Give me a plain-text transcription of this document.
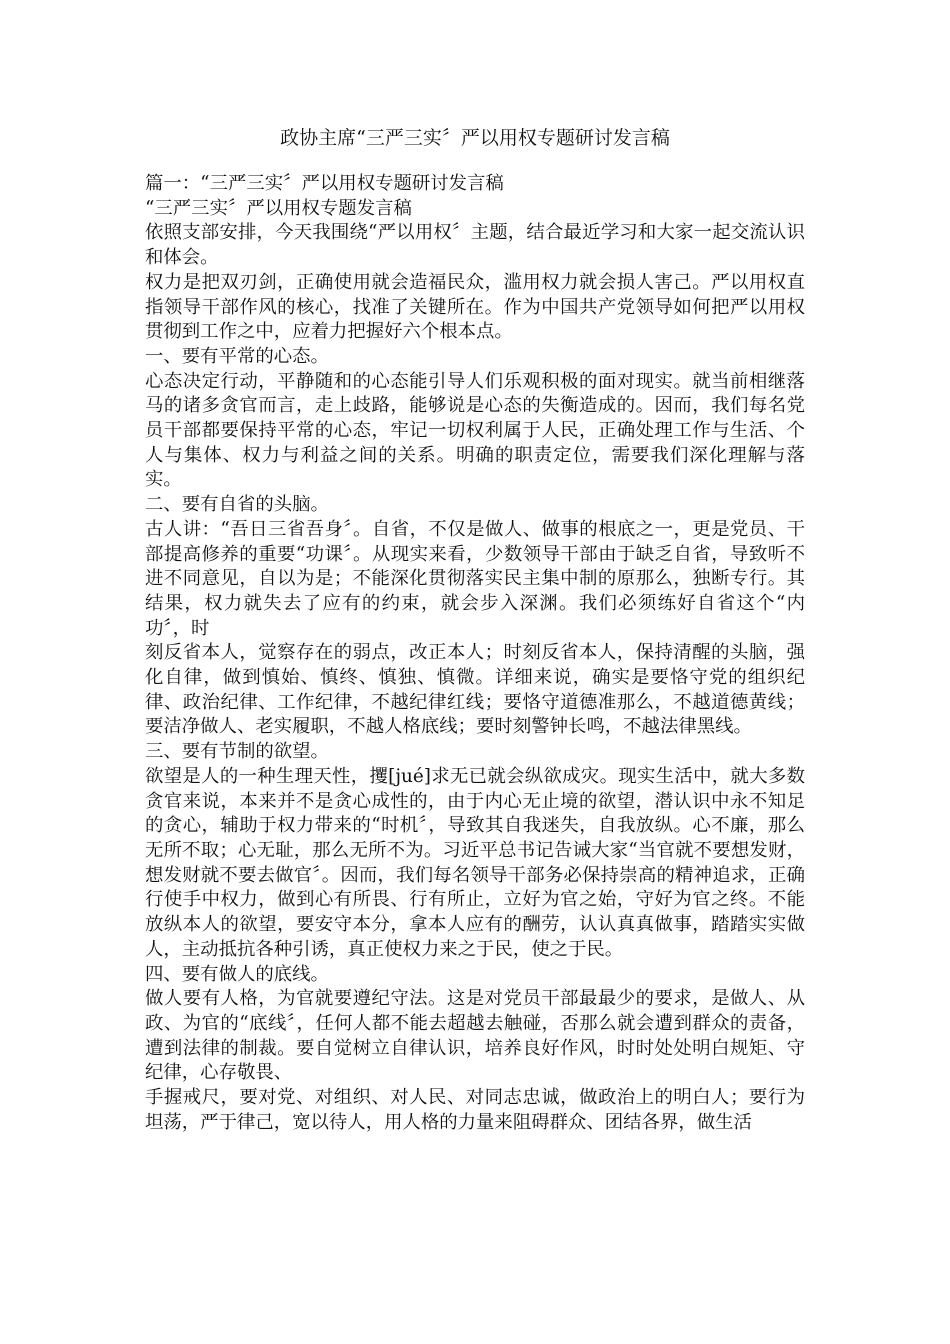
政协主席“三严三实〞严以用权专题研讨发言稿

篇一：“三严三实〞严以用权专题研讨发言稿

“三严三实〞严以用权专题发言稿

依照支部安排，今天我围绕“严以用权〞主题，结合最近学习和大家一起交流认识和体会。

权力是把双刃剑，正确使用就会造福民众，滥用权力就会损人害己。严以用权直指领导干部作风的核心，找准了关键所在。作为中国共产党领导如何把严以用权贯彻到工作之中，应着力把握好六个根本点。

一、要有平常的心态。

心态决定行动，平静随和的心态能引导人们乐观积极的面对现实。就当前相继落马的诸多贪官而言，走上歧路，能够说是心态的失衡造成的。因而，我们每名党员干部都要保持平常的心态，牢记一切权利属于人民，正确处理工作与生活、个人与集体、权力与利益之间的关系。明确的职责定位，需要我们深化理解与落实。

二、要有自省的头脑。

古人讲：“吾日三省吾身〞。自省，不仅是做人、做事的根底之一，更是党员、干部提高修养的重要“功课〞。从现实来看，少数领导干部由于缺乏自省，导致听不进不同意见，自以为是；不能深化贯彻落实民主集中制的原那么，独断专行。其结果，权力就失去了应有的约束，就会步入深渊。我们必须练好自省这个“内功〞，时

刻反省本人，觉察存在的弱点，改正本人；时刻反省本人，保持清醒的头脑，强化自律，做到慎始、慎终、慎独、慎微。详细来说，确实是要恪守党的组织纪律、政治纪律、工作纪律，不越纪律红线；要恪守道德准那么，不越道德黄线；要洁净做人、老实履职，不越人格底线；要时刻警钟长鸣，不越法律黑线。

三、要有节制的欲望。

欲望是人的一种生理天性，攫[jué]求无已就会纵欲成灾。现实生活中，就大多数贪官来说，本来并不是贪心成性的，由于内心无止境的欲望，潜认识中永不知足的贪心，辅助于权力带来的“时机〞，导致其自我迷失，自我放纵。心不廉，那么无所不取；心无耻，那么无所不为。习近平总书记告诫大家“当官就不要想发财，想发财就不要去做官〞。因而，我们每名领导干部务必保持崇高的精神追求，正确行使手中权力，做到心有所畏、行有所止，立好为官之始，守好为官之终。不能放纵本人的欲望，要安守本分，拿本人应有的酬劳，认认真真做事，踏踏实实做人，主动抵抗各种引诱，真正使权力来之于民，使之于民。

四、要有做人的底线。

做人要有人格，为官就要遵纪守法。这是对党员干部最最少的要求，是做人、从政、为官的“底线〞，任何人都不能去超越去触碰，否那么就会遭到群众的责备，遭到法律的制裁。要自觉树立自律认识，培养良好作风，时时处处明白规矩、守纪律，心存敬畏、

手握戒尺，要对党、对组织、对人民、对同志忠诚，做政治上的明白人；要行为坦荡，严于律己，宽以待人，用人格的力量来阻碍群众、团结各界，做生活
